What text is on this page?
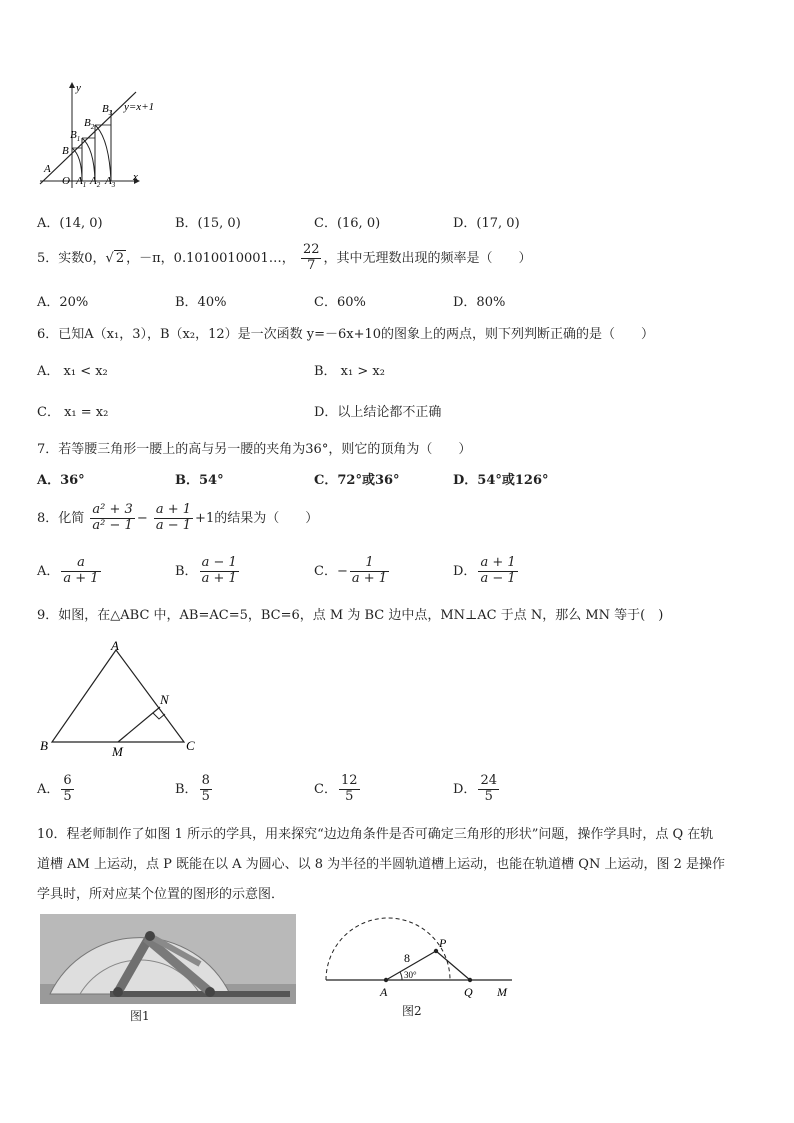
y
x
y=x+1
O
A
B
$B_1$
$B_2$
$B_3$
$A_1$ $A_2$ $A_3$
A．(14, 0)	B．(15, 0)	C．(16, 0)	D．(17, 0)
5．实数0，√ 2 ，－π，0.1010010001…， $\frac{22}{7}$ ，其中无理数出现的频率是（　　）
A．20%	B．40%	C．60%	D．80%
6．已知A（x₁，3），B（x₂，12）是一次函数 y=－6x+10的图象上的两点，则下列判断正确的是（　　）
A． x₁ < x₂	B． x₁ > x₂
C． x₁ = x₂	D．以上结论都不正确
7．若等腰三角形一腰上的高与另一腰的夹角为36°，则它的顶角为（　　）
A．36°	B．54°	C．72°或36°	D．54°或126°
8．化简 $\frac{\text{a² + 3}}{\text{a² − 1}} - \frac{a + 1}{a - 1} +1$的结果为（　　）
A． $\frac{a}{a + 1}$	B． $\frac{a - 1}{a + 1}$	C．− $\frac{1}{a + 1}$	D． $\frac{a + 1}{a - 1}$
9．如图，在△ABC 中，AB=AC=5，BC=6，点 M 为 BC 边中点，MN⊥AC 于点 N，那么 MN 等于(　)
A
B	C
M
N
A． $\frac{6}{5}$	B． $\frac{8}{5}$	C． $\frac{12}{5}$	D． $\frac{24}{5}$
10．程老师制作了如图 1 所示的学具，用来探究“边边角条件是否可确定三角形的形状”问题，操作学具时，点 Q 在轨
道槽 AM 上运动，点 P 既能在以 A 为圆心、以 8 为半径的半圆轨道槽上运动，也能在轨道槽 QN 上运动，图 2 是操作
学具时，所对应某个位置的图形的示意图．
图1
P
A	Q M
8
30°
图2
